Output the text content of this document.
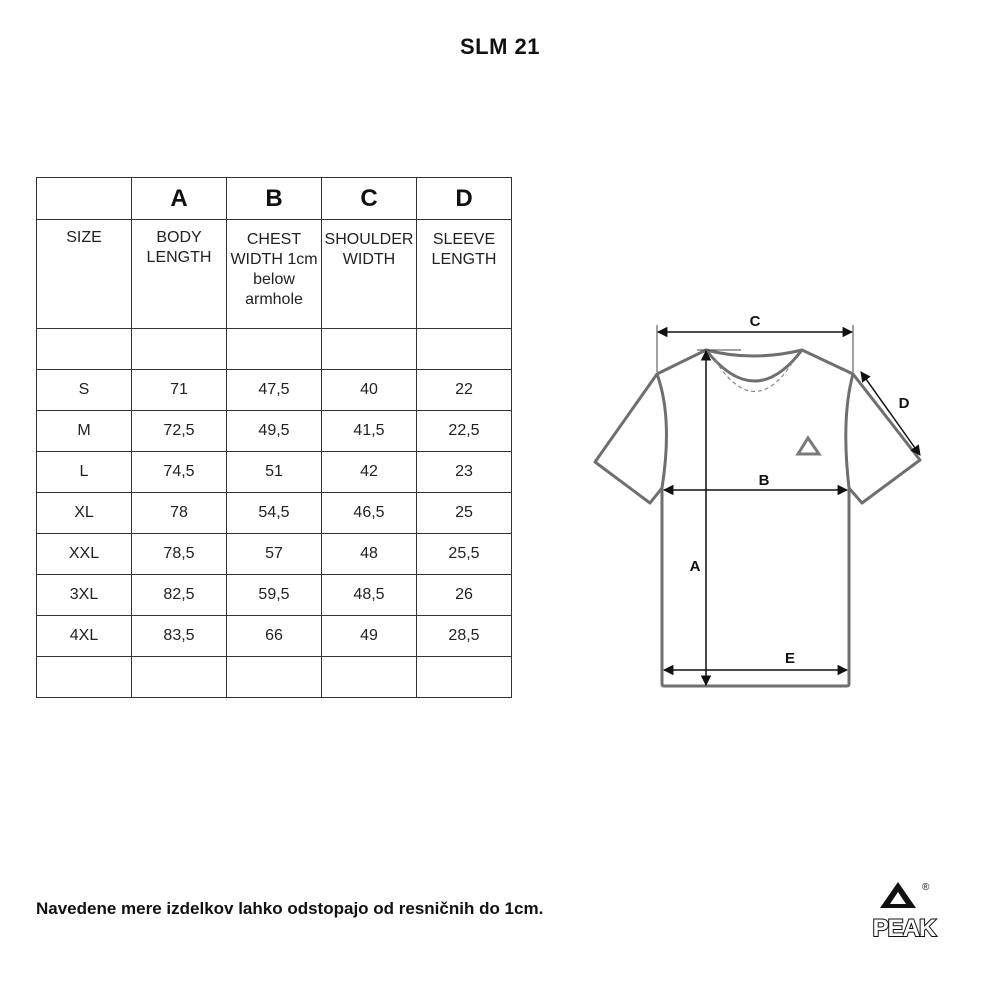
SLM 21
	A	B	C	D

SIZE	BODY LENGTH	CHEST WIDTH 1cm below armhole	SHOULDER WIDTH	SLEEVE LENGTH

S	71	47,5	40	22
M	72,5	49,5	41,5	22,5
L	74,5	51	42	23
XL	78	54,5	46,5	25
XXL	78,5	57	48	25,5
3XL	82,5	59,5	48,5	26
4XL	83,5	66	49	28,5

C
D
B
A
E
Navedene mere izdelkov lahko odstopajo od resničnih do 1cm.
®
PEAK
